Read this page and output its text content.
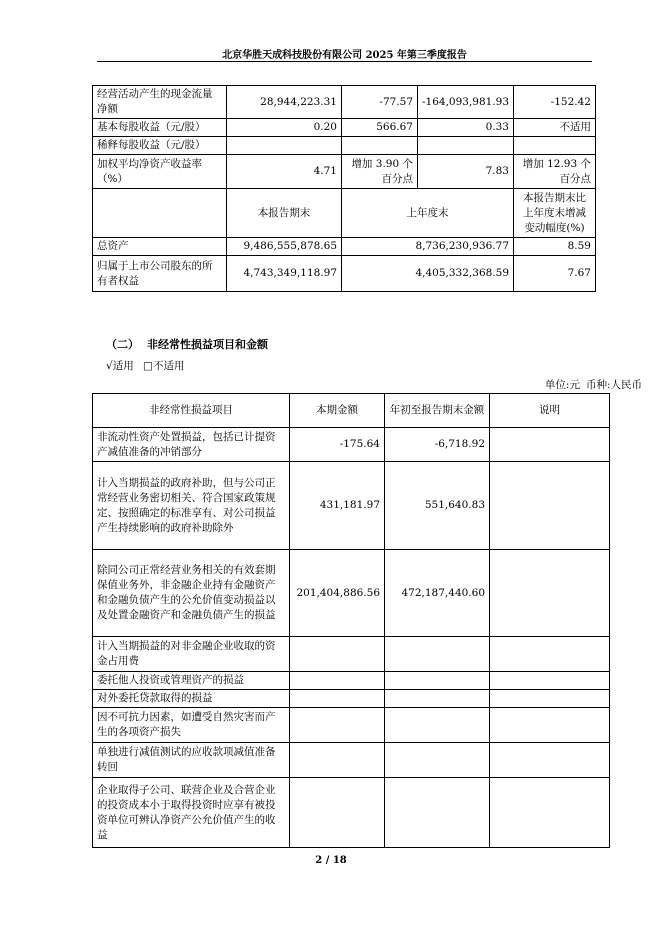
北京华胜天成科技股份有限公司 2025 年第三季度报告
经营活动产生的现金流量净额	28,944,223.31	-77.57	-164,093,981.93	-152.42
基本每股收益（元/股）	0.20	566.67	0.33	不适用
稀释每股收益（元/股）				
加权平均净资产收益率（%）	4.71	增加 3.90 个百分点	7.83	增加 12.93 个百分点
	本报告期末	上年度末		本报告期末比上年度末增减变动幅度(%)
总资产	9,486,555,878.65	8,736,230,936.77		8.59
归属于上市公司股东的所有者权益	4,743,349,118.97	4,405,332,368.59		7.67
（二） 非经常性损益项目和金额
√适用 □不适用
单位:元 币种:人民币
非经常性损益项目	本期金额	年初至报告期末金额	说明
非流动性资产处置损益，包括已计提资产减值准备的冲销部分	-175.64	-6,718.92	
计入当期损益的政府补助，但与公司正常经营业务密切相关、符合国家政策规定、按照确定的标准享有、对公司损益产生持续影响的政府补助除外	431,181.97	551,640.83	
除同公司正常经营业务相关的有效套期保值业务外，非金融企业持有金融资产和金融负债产生的公允价值变动损益以及处置金融资产和金融负债产生的损益	201,404,886.56	472,187,440.60	
计入当期损益的对非金融企业收取的资金占用费			
委托他人投资或管理资产的损益			
对外委托贷款取得的损益			
因不可抗力因素，如遭受自然灾害而产生的各项资产损失			
单独进行减值测试的应收款项减值准备转回			
企业取得子公司、联营企业及合营企业的投资成本小于取得投资时应享有被投资单位可辨认净资产公允价值产生的收益			
2 / 18
